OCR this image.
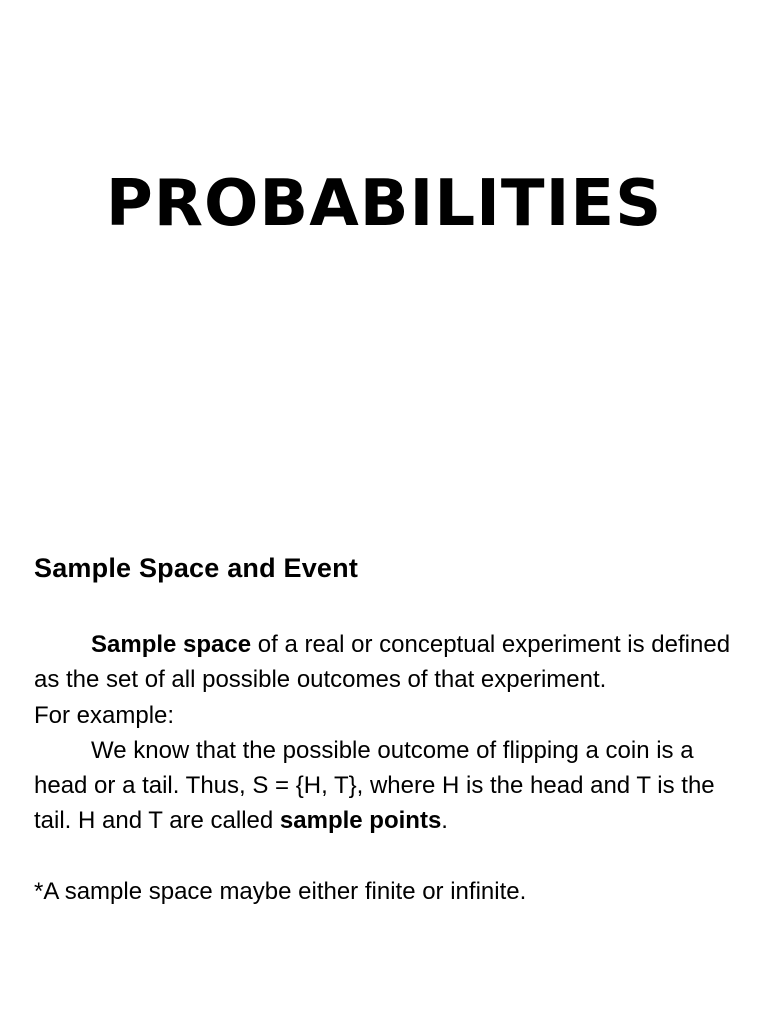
PROBABILITIES
Sample Space and Event

Sample space of a real or conceptual experiment is defined as the set of all possible outcomes of that experiment.

For example:

We know that the possible outcome of flipping a coin is a head or a tail. Thus, S = {H, T}, where H is the head and T is the tail. H and T are called sample points.

*A sample space maybe either finite or infinite.
